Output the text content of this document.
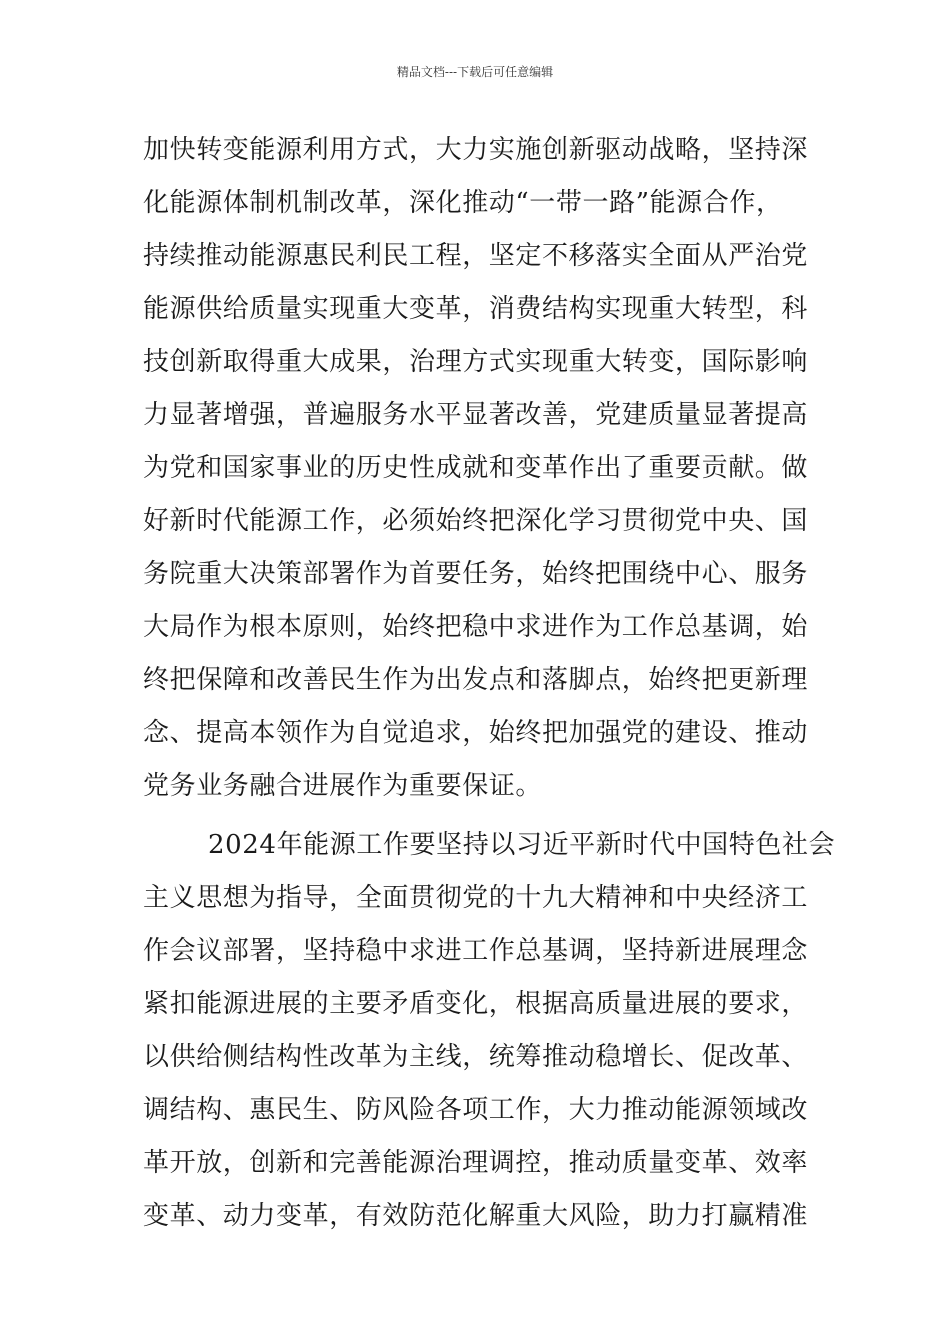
精品文档---下载后可任意编辑
加快转变能源利用方式，大力实施创新驱动战略，坚持深
化能源体制机制改革，深化推动“一带一路”能源合作，
持续推动能源惠民利民工程，坚定不移落实全面从严治党
能源供给质量实现重大变革，消费结构实现重大转型，科
技创新取得重大成果，治理方式实现重大转变，国际影响
力显著增强，普遍服务水平显著改善，党建质量显著提高
为党和国家事业的历史性成就和变革作出了重要贡献。做
好新时代能源工作，必须始终把深化学习贯彻党中央、国
务院重大决策部署作为首要任务，始终把围绕中心、服务
大局作为根本原则，始终把稳中求进作为工作总基调，始
终把保障和改善民生作为出发点和落脚点，始终把更新理
念、提高本领作为自觉追求，始终把加强党的建设、推动
党务业务融合进展作为重要保证。
2024年能源工作要坚持以习近平新时代中国特色社会
主义思想为指导，全面贯彻党的十九大精神和中央经济工
作会议部署，坚持稳中求进工作总基调，坚持新进展理念
紧扣能源进展的主要矛盾变化，根据高质量进展的要求，
以供给侧结构性改革为主线，统筹推动稳增长、促改革、
调结构、惠民生、防风险各项工作，大力推动能源领域改
革开放，创新和完善能源治理调控，推动质量变革、效率
变革、动力变革，有效防范化解重大风险，助力打赢精准
